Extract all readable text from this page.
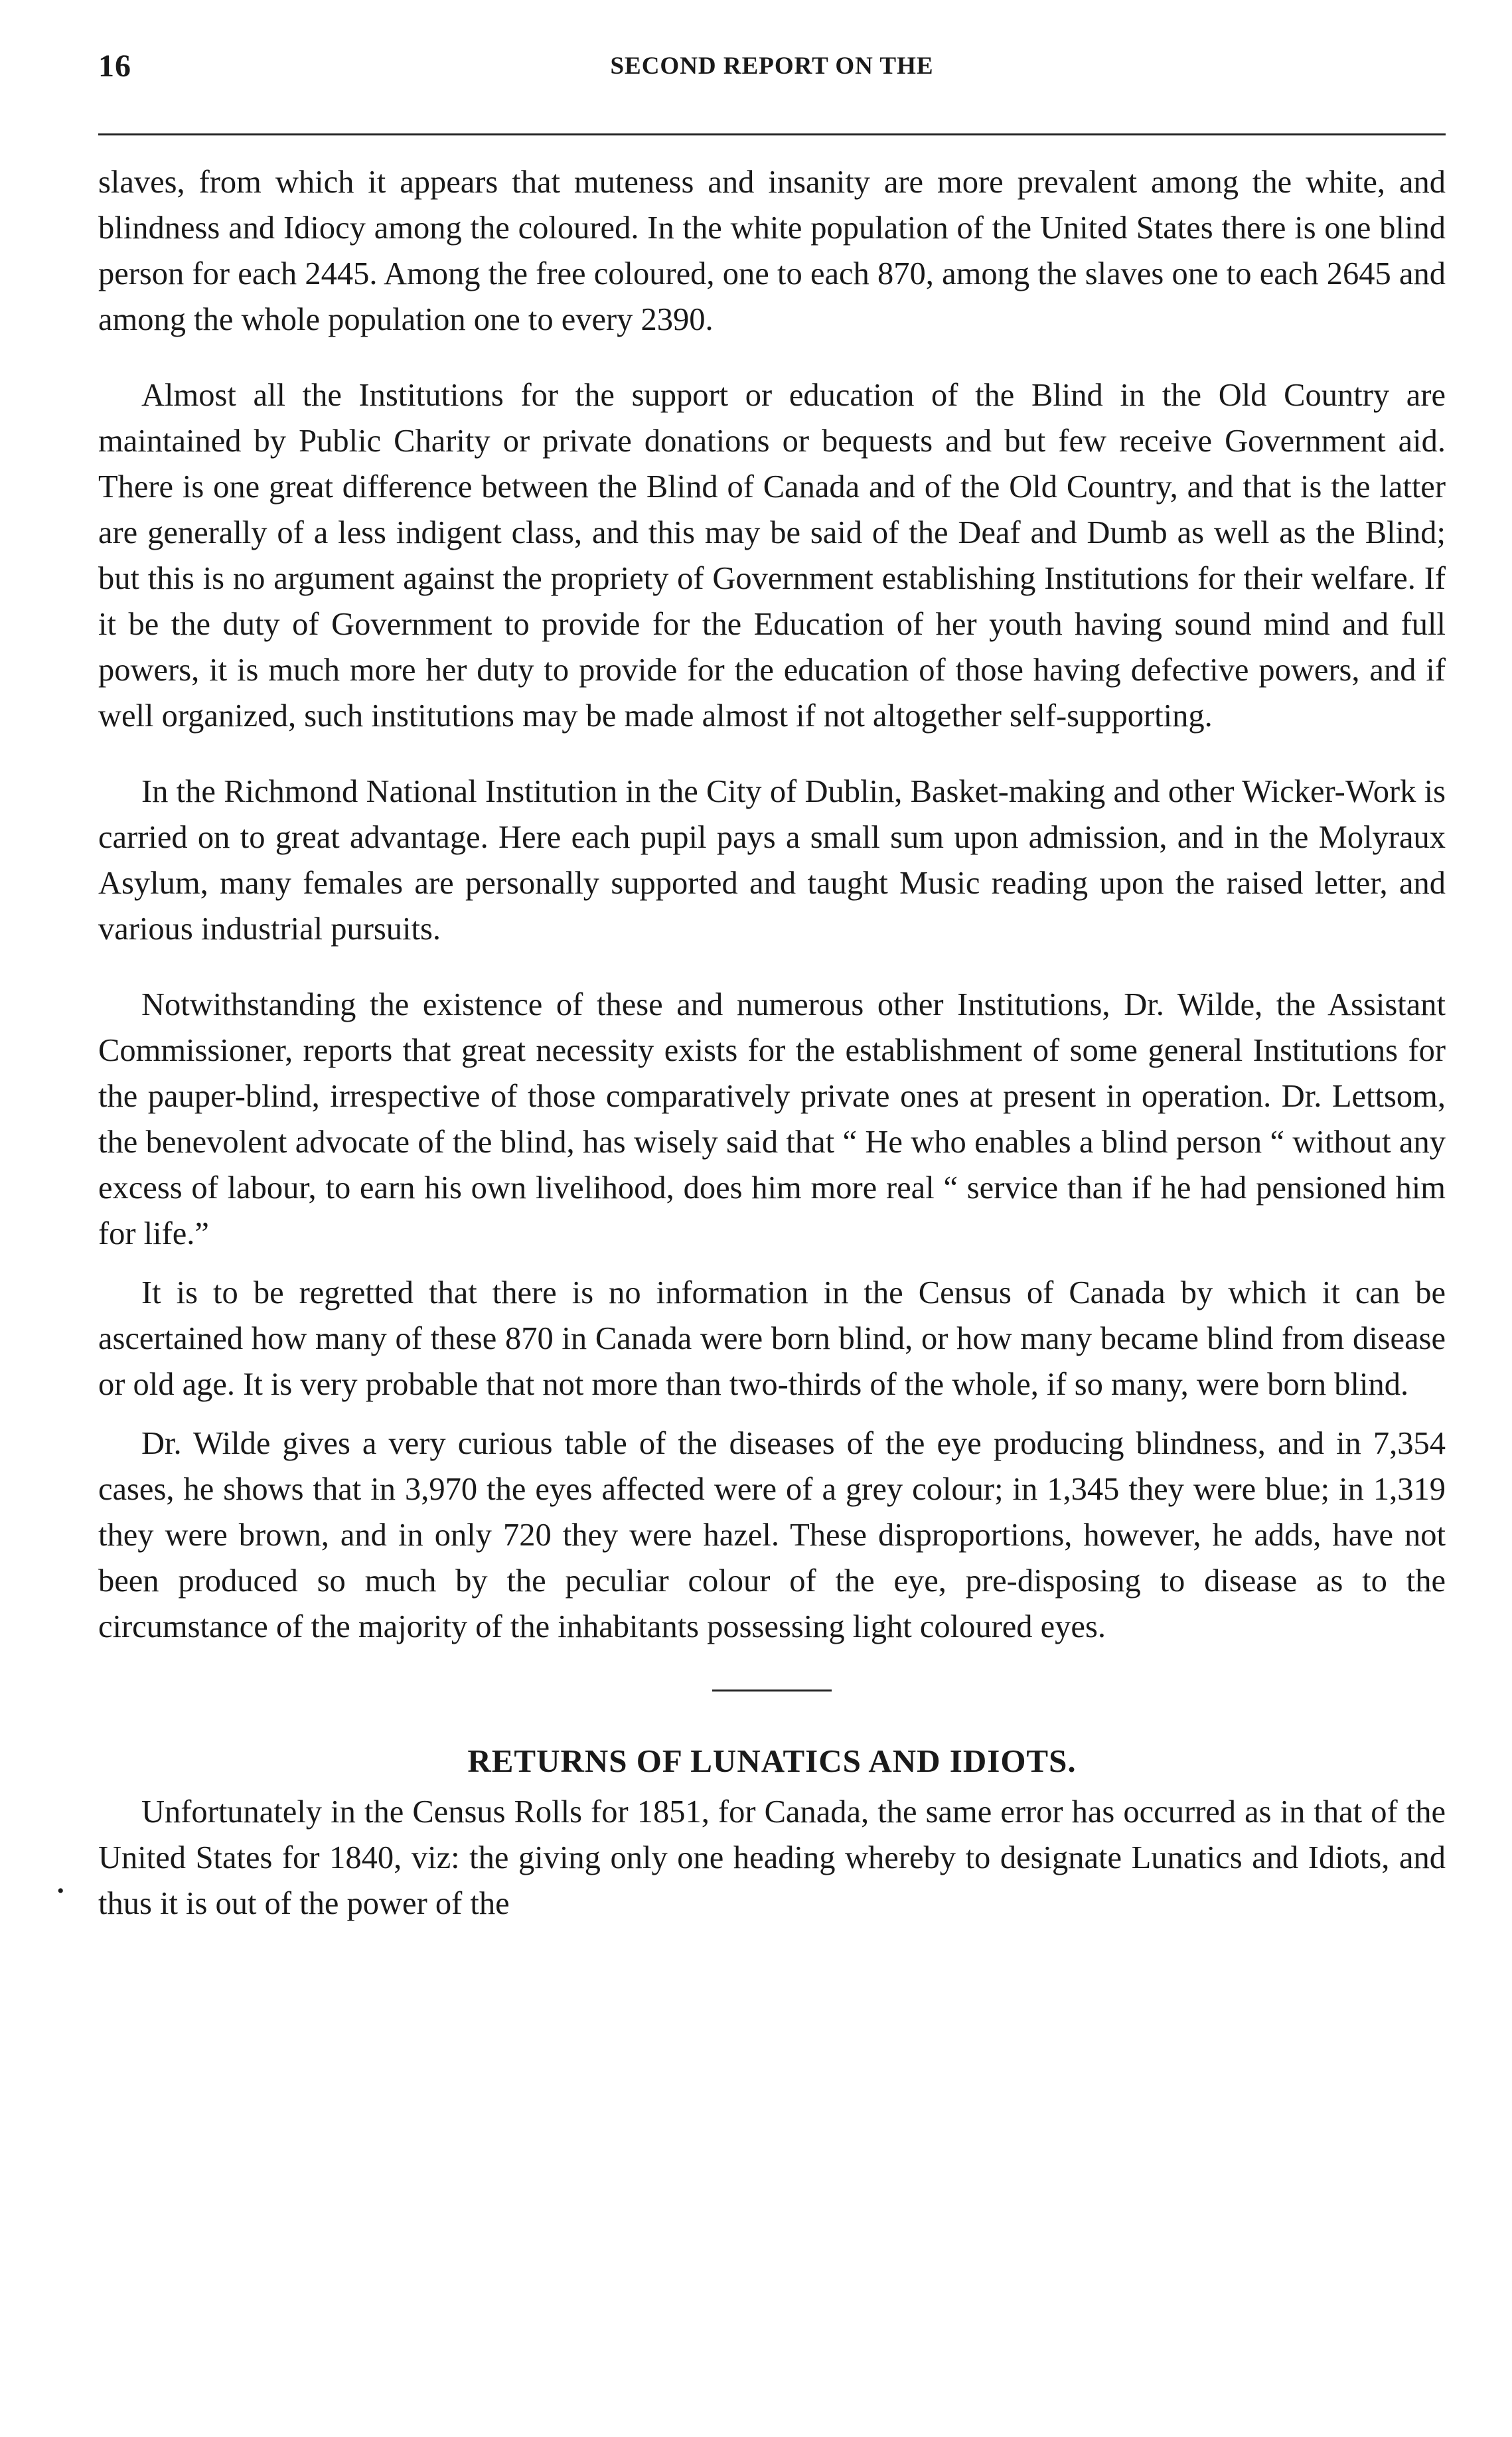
16	SECOND REPORT ON THE

slaves, from which it appears that muteness and insanity are more prevalent among the white, and blindness and Idiocy among the coloured. In the white population of the United States there is one blind person for each 2445. Among the free coloured, one to each 870, among the slaves one to each 2645 and among the whole population one to every 2390.

Almost all the Institutions for the support or education of the Blind in the Old Country are maintained by Public Charity or private donations or bequests and but few receive Government aid. There is one great difference between the Blind of Canada and of the Old Country, and that is the latter are generally of a less indigent class, and this may be said of the Deaf and Dumb as well as the Blind; but this is no argument against the propriety of Government establishing Institutions for their welfare. If it be the duty of Government to provide for the Education of her youth having sound mind and full powers, it is much more her duty to provide for the education of those having defective powers, and if well organized, such institutions may be made almost if not altogether self-supporting.

In the Richmond National Institution in the City of Dublin, Basket-making and other Wicker-Work is carried on to great advantage. Here each pupil pays a small sum upon admission, and in the Molyraux Asylum, many females are personally supported and taught Music reading upon the raised letter, and various industrial pursuits.

Notwithstanding the existence of these and numerous other Institutions, Dr. Wilde, the Assistant Commissioner, reports that great necessity exists for the establishment of some general Institutions for the pauper-blind, irrespective of those comparatively private ones at present in operation. Dr. Lettsom, the benevolent advocate of the blind, has wisely said that “ He who enables a blind person “ without any excess of labour, to earn his own livelihood, does him more real “ service than if he had pensioned him for life.”

It is to be regretted that there is no information in the Census of Canada by which it can be ascertained how many of these 870 in Canada were born blind, or how many became blind from disease or old age. It is very probable that not more than two-thirds of the whole, if so many, were born blind.

Dr. Wilde gives a very curious table of the diseases of the eye producing blindness, and in 7,354 cases, he shows that in 3,970 the eyes affected were of a grey colour; in 1,345 they were blue; in 1,319 they were brown, and in only 720 they were hazel. These disproportions, however, he adds, have not been produced so much by the peculiar colour of the eye, pre-disposing to disease as to the circumstance of the majority of the inhabitants possessing light coloured eyes.

RETURNS OF LUNATICS AND IDIOTS.

Unfortunately in the Census Rolls for 1851, for Canada, the same error has occurred as in that of the United States for 1840, viz: the giving only one heading whereby to designate Lunatics and Idiots, and thus it is out of the power of the

•
